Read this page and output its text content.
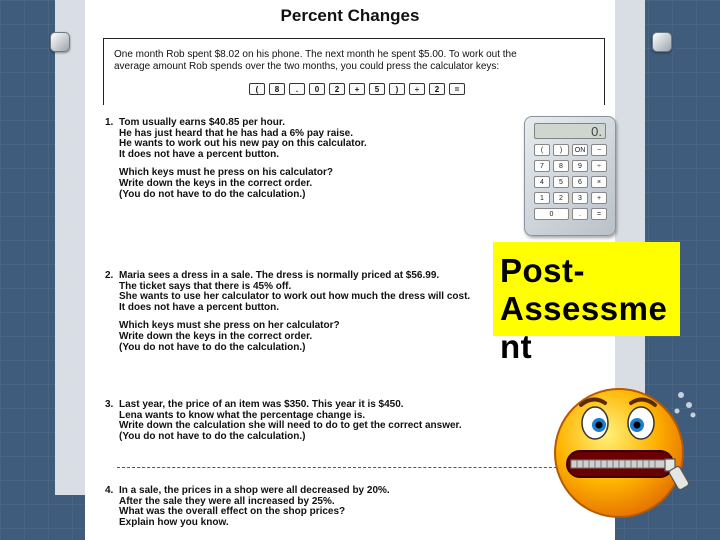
Percent Changes
One month Rob spent $8.02 on his phone. The next month he spent $5.00. To work out the
average amount Rob spends over the two months, you could press the calculator keys:
(	8	.	0	2	+	5	)	÷	2	=
1. Tom usually earns $40.85 per hour.
He has just heard that he has had a 6% pay raise.
He wants to work out his new pay on this calculator.
It does not have a percent button.
Which keys must he press on his calculator?
Write down the keys in the correct order.
(You do not have to do the calculation.)
2. Maria sees a dress in a sale. The dress is normally priced at $56.99.
The ticket says that there is 45% off.
She wants to use her calculator to work out how much the dress will cost.
It does not have a percent button.
Which keys must she press on her calculator?
Write down the keys in the correct order.
(You do not have to do the calculation.)
3. Last year, the price of an item was $350. This year it is $450.
Lena wants to know what the percentage change is.
Write down the calculation she will need to do to get the correct answer.
(You do not have to do the calculation.)
4. In a sale, the prices in a shop were all decreased by 20%.
After the sale they were all increased by 25%.
What was the overall effect on the shop prices?
Explain how you know.
0.
(	)	ON	−
7	8	9	÷
4	5	6	×
1	2	3	+
0	.	=
Post-
Assessme
nt
